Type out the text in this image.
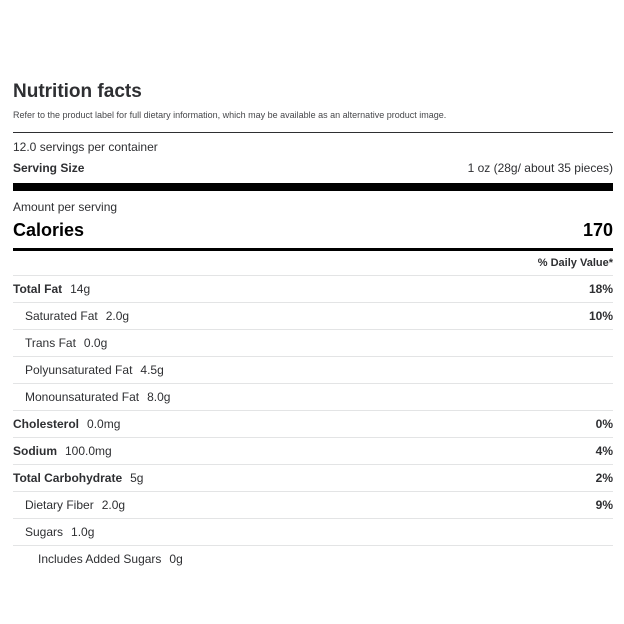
Nutrition facts
Refer to the product label for full dietary information, which may be available as an alternative product image.
12.0 servings per container
Serving Size	1 oz (28g/ about 35 pieces)
Amount per serving
Calories	170
% Daily Value*
Total Fat 14g	18%
Saturated Fat 2.0g	10%
Trans Fat 0.0g
Polyunsaturated Fat 4.5g
Monounsaturated Fat 8.0g
Cholesterol 0.0mg	0%
Sodium 100.0mg	4%
Total Carbohydrate 5g	2%
Dietary Fiber 2.0g	9%
Sugars 1.0g
Includes Added Sugars 0g
